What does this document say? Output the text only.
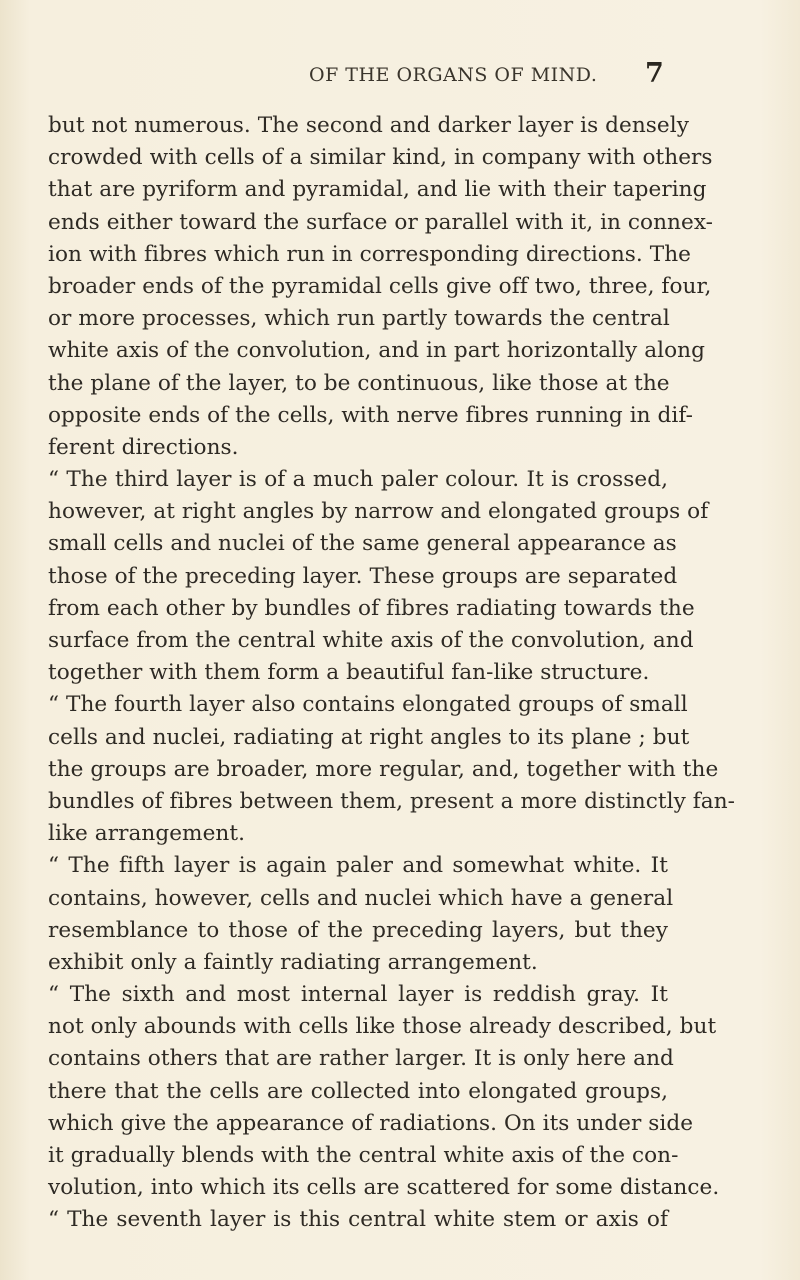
OF THE ORGANS OF MIND. 7
but not numerous. The second and darker layer is densely
crowded with cells of a similar kind, in company with others
that are pyriform and pyramidal, and lie with their tapering
ends either toward the surface or parallel with it, in connex-
ion with fibres which run in corresponding directions. The
broader ends of the pyramidal cells give off two, three, four,
or more processes, which run partly towards the central
white axis of the convolution, and in part horizontally along
the plane of the layer, to be continuous, like those at the
opposite ends of the cells, with nerve fibres running in dif-
ferent directions.
“ The third layer is of a much paler colour. It is crossed,
however, at right angles by narrow and elongated groups of
small cells and nuclei of the same general appearance as
those of the preceding layer. These groups are separated
from each other by bundles of fibres radiating towards the
surface from the central white axis of the convolution, and
together with them form a beautiful fan-like structure.
“ The fourth layer also contains elongated groups of small
cells and nuclei, radiating at right angles to its plane ; but
the groups are broader, more regular, and, together with the
bundles of fibres between them, present a more distinctly fan-
like arrangement.
“ The fifth layer is again paler and somewhat white. It
contains, however, cells and nuclei which have a general
resemblance to those of the preceding layers, but they
exhibit only a faintly radiating arrangement.
“ The sixth and most internal layer is reddish gray. It
not only abounds with cells like those already described, but
contains others that are rather larger. It is only here and
there that the cells are collected into elongated groups,
which give the appearance of radiations. On its under side
it gradually blends with the central white axis of the con-
volution, into which its cells are scattered for some distance.
“ The seventh layer is this central white stem or axis of
